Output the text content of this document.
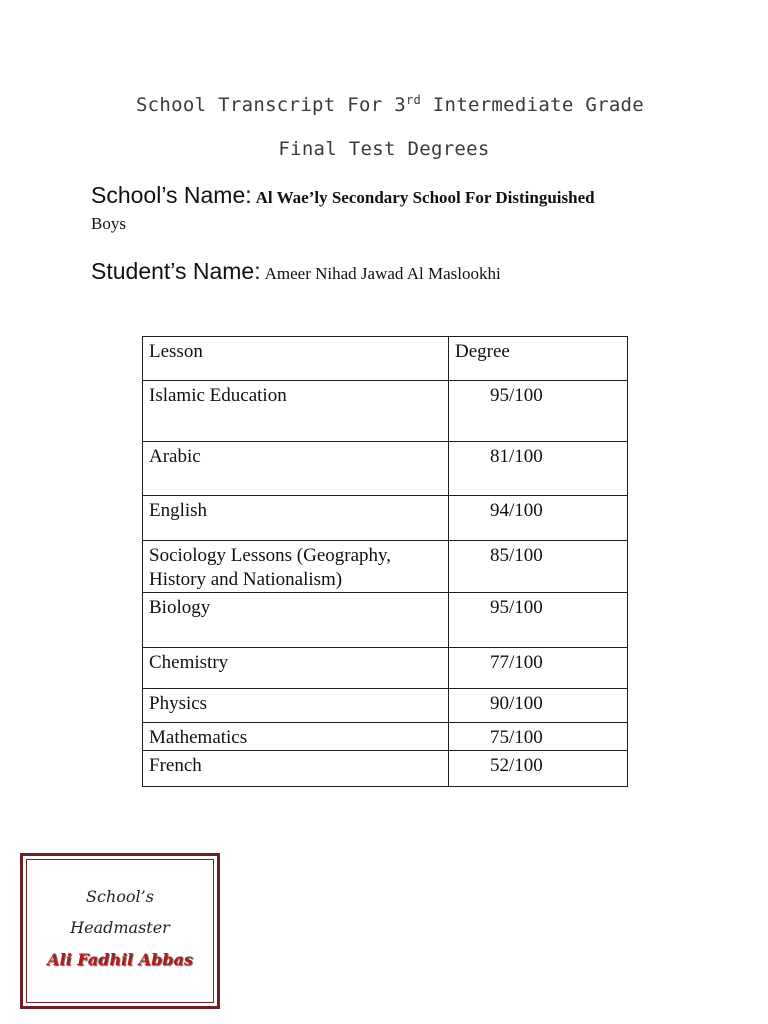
School Transcript For 3rd Intermediate Grade
Final Test Degrees
School’s Name: Al Wae’ly Secondary School For Distinguished
Boys
Student’s Name: Ameer Nihad Jawad Al Maslookhi
Lesson	Degree
Islamic Education	95/100
Arabic	81/100
English	94/100
Sociology Lessons (Geography, History and Nationalism)	85/100
Biology	95/100
Chemistry	77/100
Physics	90/100
Mathematics	75/100
French	52/100
School’s
Headmaster
Ali Fadhil Abbas
